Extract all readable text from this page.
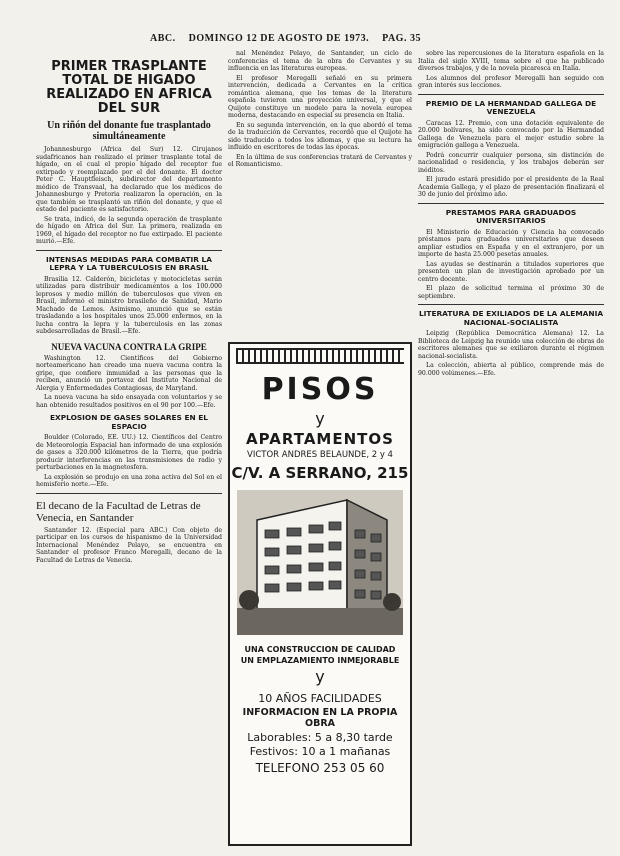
ABC. DOMINGO 12 DE AGOSTO DE 1973. PAG. 35
PRIMER TRASPLANTE TOTAL DE HIGADO REALIZADO EN AFRICA DEL SUR
Un riñón del donante fue trasplantado simultáneamente

Johannesburgo (Africa del Sur) 12. Cirujanos sudafricanos han realizado el primer trasplante total de hígado, en el cual el propio hígado del receptor fue extirpado y reemplazado por el del donante. El doctor Peter C. Hauptfleisch, subdirector del departamento médico de Transvaal, ha declarado que los médicos de Johannesburgo y Pretoria realizaron la operación, en la que también se trasplantó un riñón del donante, y que el estado del paciente es satisfactorio.

Se trata, indicó, de la segunda operación de trasplante de hígado en Africa del Sur. La primera, realizada en 1969, el hígado del receptor no fue extirpado. El paciente murió.—Efe.

INTENSAS MEDIDAS PARA COMBATIR LA LEPRA Y LA TUBERCULOSIS EN BRASIL

Brasilia 12. Calderón, bicicletas y motocicletas serán utilizadas para distribuir medicamentos a los 100.000 leprosos y medio millón de tuberculosos que viven en Brasil, informó el ministro brasileño de Sanidad, Mario Machado de Lemos. Asimismo, anunció que se están trasladando a los hospitales unos 25.000 enfermos, en la lucha contra la lepra y la tuberculosis en las zonas subdesarrolladas de Brasil.—Efe.

NUEVA VACUNA CONTRA LA GRIPE

Washington 12. Científicos del Gobierno norteamericano han creado una nueva vacuna contra la gripe, que confiere inmunidad a las personas que la reciben, anunció un portavoz del Instituto Nacional de Alergia y Enfermedades Contagiosas, de Maryland.

La nueva vacuna ha sido ensayada con voluntarios y se han obtenido resultados positivos en el 90 por 100.—Efe.

EXPLOSION DE GASES SOLARES EN EL ESPACIO

Boulder (Colorado, EE. UU.) 12. Científicos del Centro de Meteorología Espacial han informado de una explosión de gases a 320.000 kilómetros de la Tierra, que podría producir interferencias en las transmisiones de radio y perturbaciones en la magnetosfera.

La explosión se produjo en una zona activa del Sol en el hemisferio norte.—Efe.

El decano de la Facultad de Letras de Venecia, en Santander

Santander 12. (Especial para ABC.) Con objeto de participar en los cursos de hispanismo de la Universidad Internacional Menéndez Pelayo, se encuentra en Santander el profesor Franco Meregalli, decano de la Facultad de Letras de Venecia.

nal Menéndez Pelayo, de Santander, un ciclo de conferencias el tema de la obra de Cervantes y su influencia en las literaturas europeas.

El profesor Meregalli señaló en su primera intervención, dedicada a Cervantes en la crítica romántica alemana, que los temas de la literatura española tuvieron una proyección universal, y que el Quijote constituye un modelo para la novela europea moderna, destacando en especial su presencia en Italia.

En su segunda intervención, en la que abordó el tema de la traducción de Cervantes, recordó que el Quijote ha sido traducido a todos los idiomas, y que su lectura ha influido en escritores de todas las épocas.

En la última de sus conferencias tratará de Cervantes y el Romanticismo.

PISOS
y
APARTAMENTOS
VICTOR ANDRES BELAUNDE, 2 y 4
C/V. A SERRANO, 215
UNA CONSTRUCCION DE CALIDAD
UN EMPLAZAMIENTO INMEJORABLE
y
10 AÑOS FACILIDADES
INFORMACION EN LA PROPIA OBRA
Laborables: 5 a 8,30 tarde
Festivos: 10 a 1 mañanas
TELEFONO 253 05 60

sobre las repercusiones de la literatura española en la Italia del siglo XVIII, tema sobre el que ha publicado diversos trabajos, y de la novela picaresca en Italia.

Los alumnos del profesor Meregalli han seguido con gran interés sus lecciones.

PREMIO DE LA HERMANDAD GALLEGA DE VENEZUELA

Caracas 12. Premio, con una dotación equivalente de 20.000 bolívares, ha sido convocado por la Hermandad Gallega de Venezuela para el mejor estudio sobre la emigración gallega a Venezuela.

Podrá concurrir cualquier persona, sin distinción de nacionalidad o residencia, y los trabajos deberán ser inéditos.

El jurado estará presidido por el presidente de la Real Academia Gallega, y el plazo de presentación finalizará el 30 de junio del próximo año.

PRESTAMOS PARA GRADUADOS UNIVERSITARIOS

El Ministerio de Educación y Ciencia ha convocado préstamos para graduados universitarios que deseen ampliar estudios en España y en el extranjero, por un importe de hasta 25.000 pesetas anuales.

Las ayudas se destinarán a titulados superiores que presenten un plan de investigación aprobado por un centro docente.

El plazo de solicitud termina el próximo 30 de septiembre.

LITERATURA DE EXILIADOS DE LA ALEMANIA NACIONAL-SOCIALISTA

Leipzig (República Democrática Alemana) 12. La Biblioteca de Leipzig ha reunido una colección de obras de escritores alemanes que se exiliaron durante el régimen nacional-socialista.

La colección, abierta al público, comprende más de 90.000 volúmenes.—Efe.
